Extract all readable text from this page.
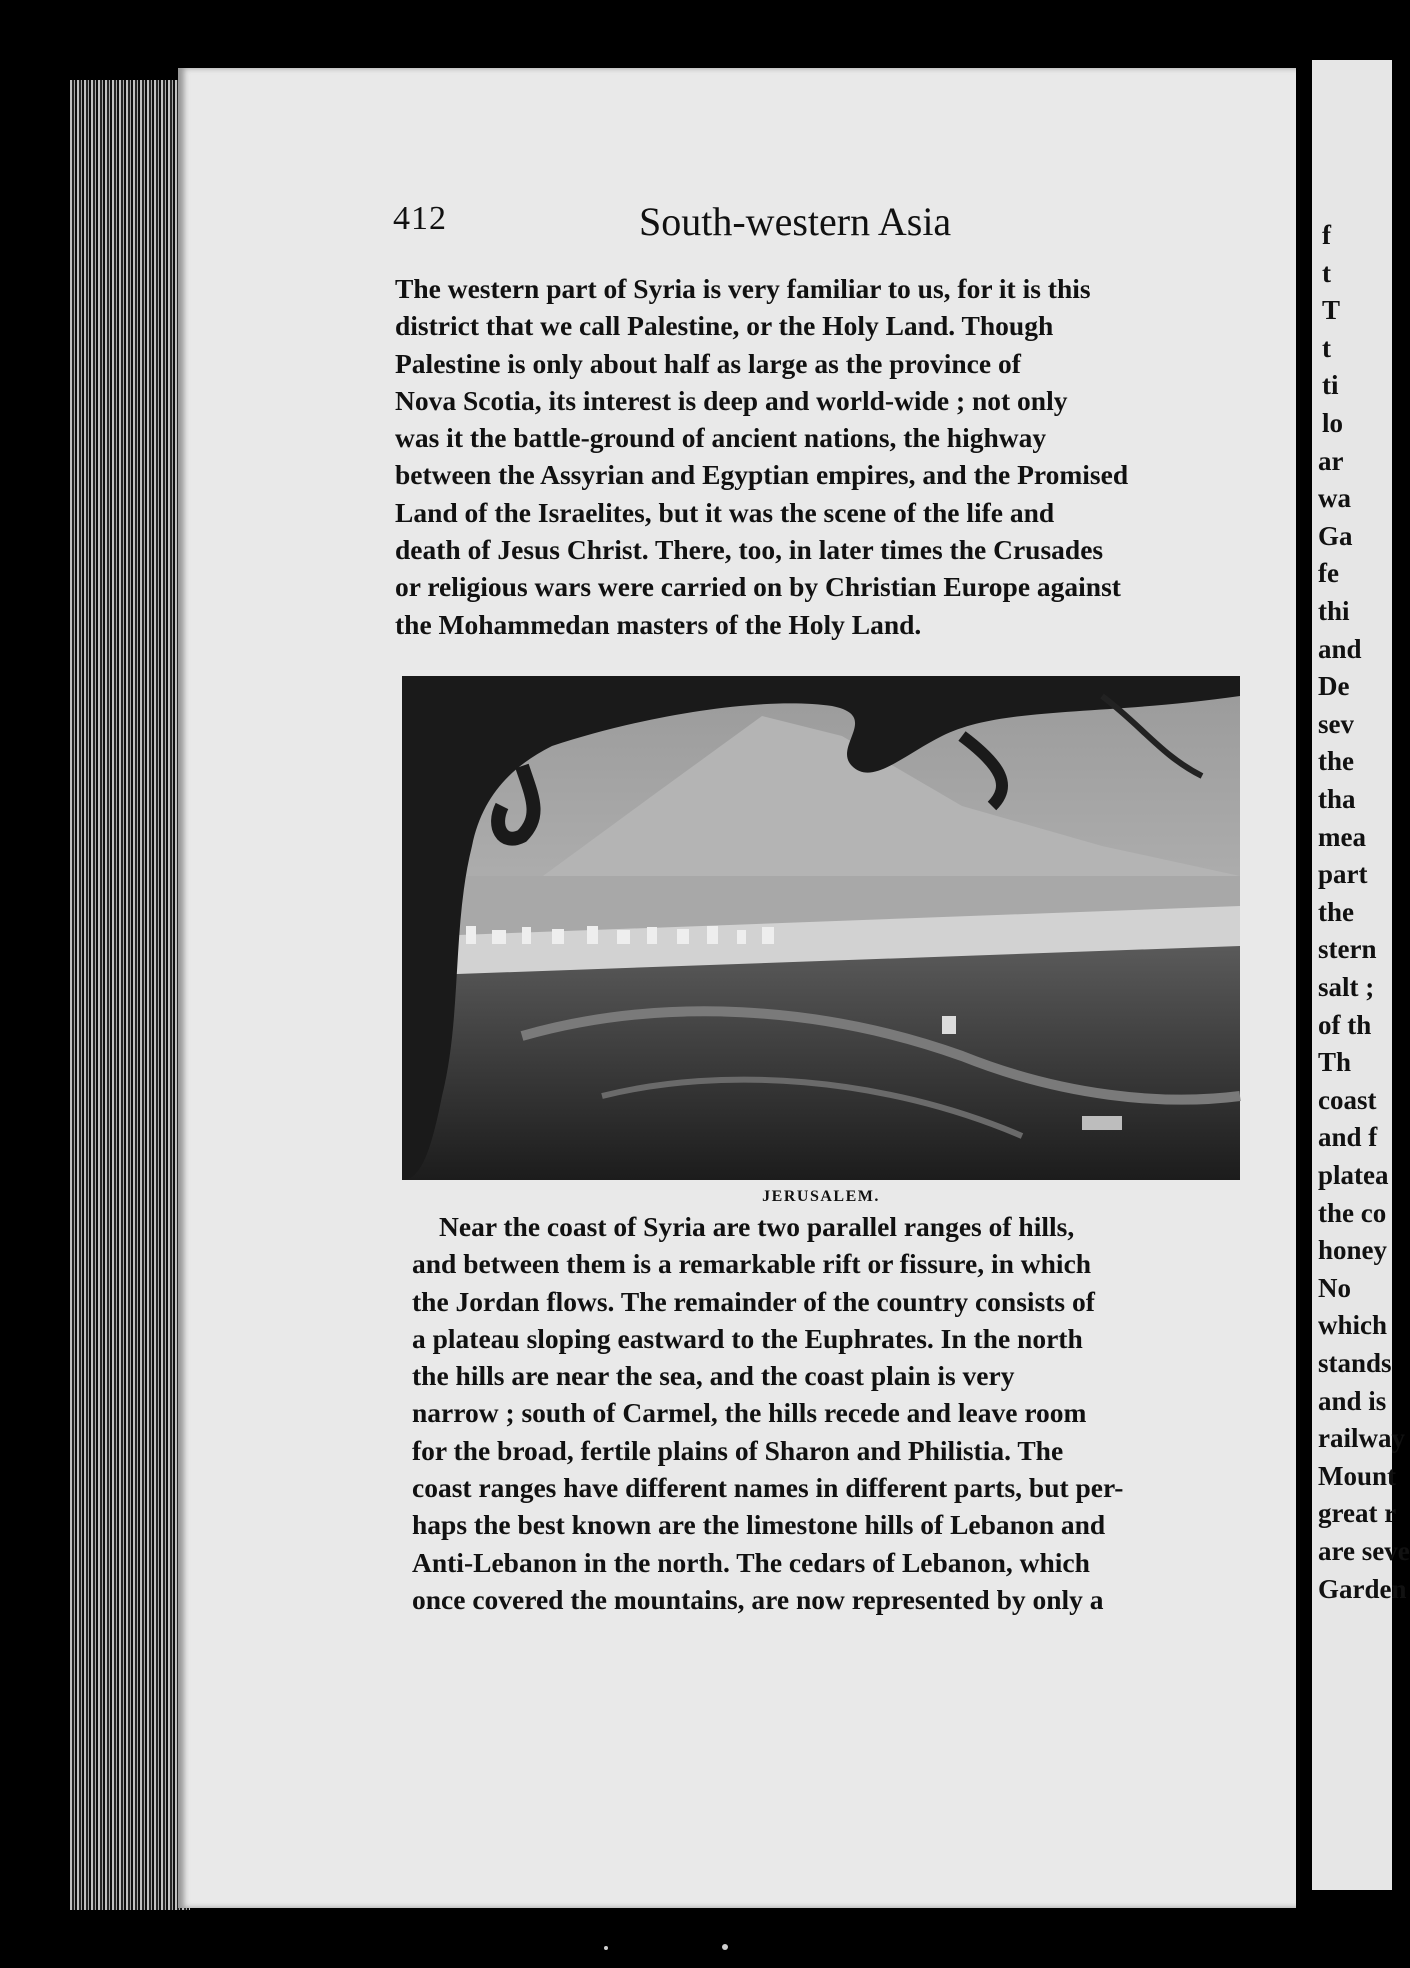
f
t
T
t
ti
lo
ar
wa
Ga
fe
thi
and
De
sev
the
tha
mea
part
the
stern
salt ;
of th
Th
coast
and f
platea
the co
honey
No
which
stands
and is
railway
Mount
great r
are seve
Garden
412	South-western Asia

The western part of Syria is very familiar to us, for it is this
district that we call Palestine, or the Holy Land. Though
Palestine is only about half as large as the province of
Nova Scotia, its interest is deep and world-wide ; not only
was it the battle-ground of ancient nations, the highway
between the Assyrian and Egyptian empires, and the Promised
Land of the Israelites, but it was the scene of the life and
death of Jesus Christ. There, too, in later times the Crusades
or religious wars were carried on by Christian Europe against
the Mohammedan masters of the Holy Land.

JERUSALEM.

Near the coast of Syria are two parallel ranges of hills,
and between them is a remarkable rift or fissure, in which
the Jordan flows. The remainder of the country consists of
a plateau sloping eastward to the Euphrates. In the north
the hills are near the sea, and the coast plain is very
narrow ; south of Carmel, the hills recede and leave room
for the broad, fertile plains of Sharon and Philistia. The
coast ranges have different names in different parts, but per-
haps the best known are the limestone hills of Lebanon and
Anti-Lebanon in the north. The cedars of Lebanon, which
once covered the mountains, are now represented by only a
